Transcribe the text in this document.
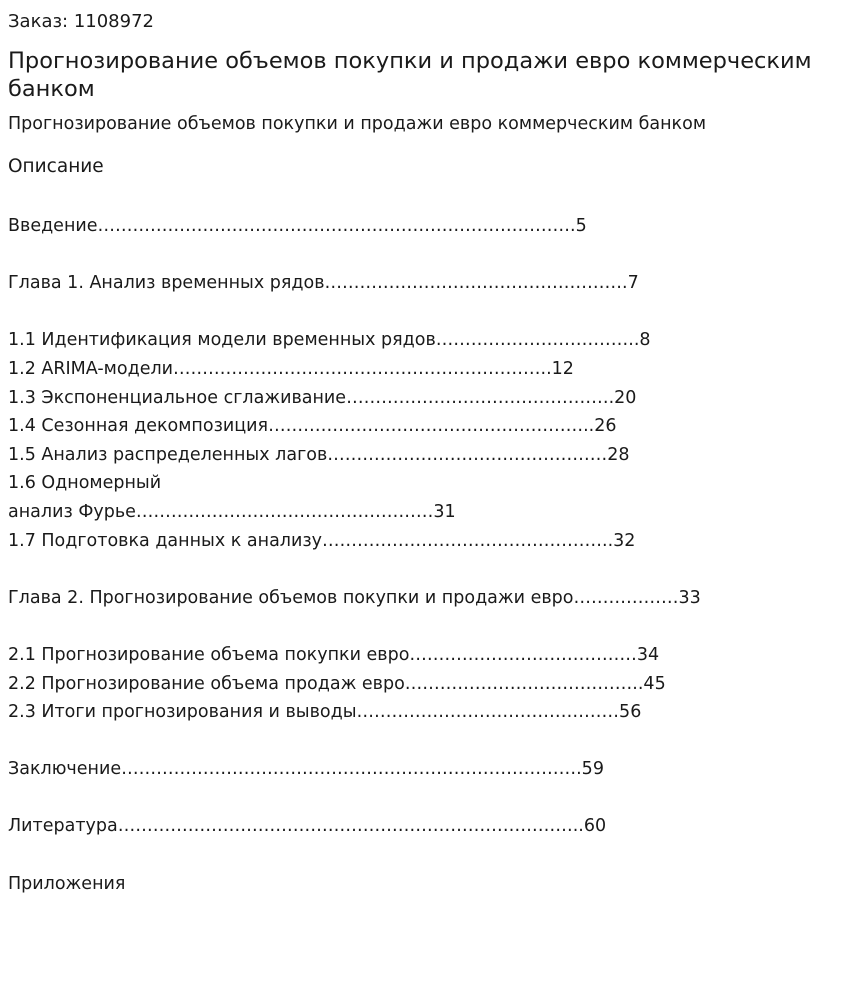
Заказ: 1108972
Прогнозирование объемов покупки и продажи евро коммерческим банком
Прогнозирование объемов покупки и продажи евро коммерческим банком
Описание
Введение……………………………………………………………………….5
Глава 1. Анализ временных рядов…………………………………………….7
1.1 Идентификация модели временных рядов……………………………..8
1.2 ARIMA-модели………………………………………………………..12
1.3 Экспоненциальное сглаживание……………………………………….20
1.4 Сезонная декомпозиция………………………………………………..26
1.5 Анализ распределенных лагов…………………………………………28
1.6 Одномерный
анализ Фурье……………………………………………31
1.7 Подготовка данных к анализу…………………………………………..32
Глава 2. Прогнозирование объемов покупки и продажи евро………………33
2.1 Прогнозирование объема покупки евро…………………………………34
2.2 Прогнозирование объема продаж евро…………………………………..45
2.3 Итоги прогнозирования и выводы………………………………………56
Заключение…………………………………………………………………….59
Литература……………………………………………………………………..60
Приложения
